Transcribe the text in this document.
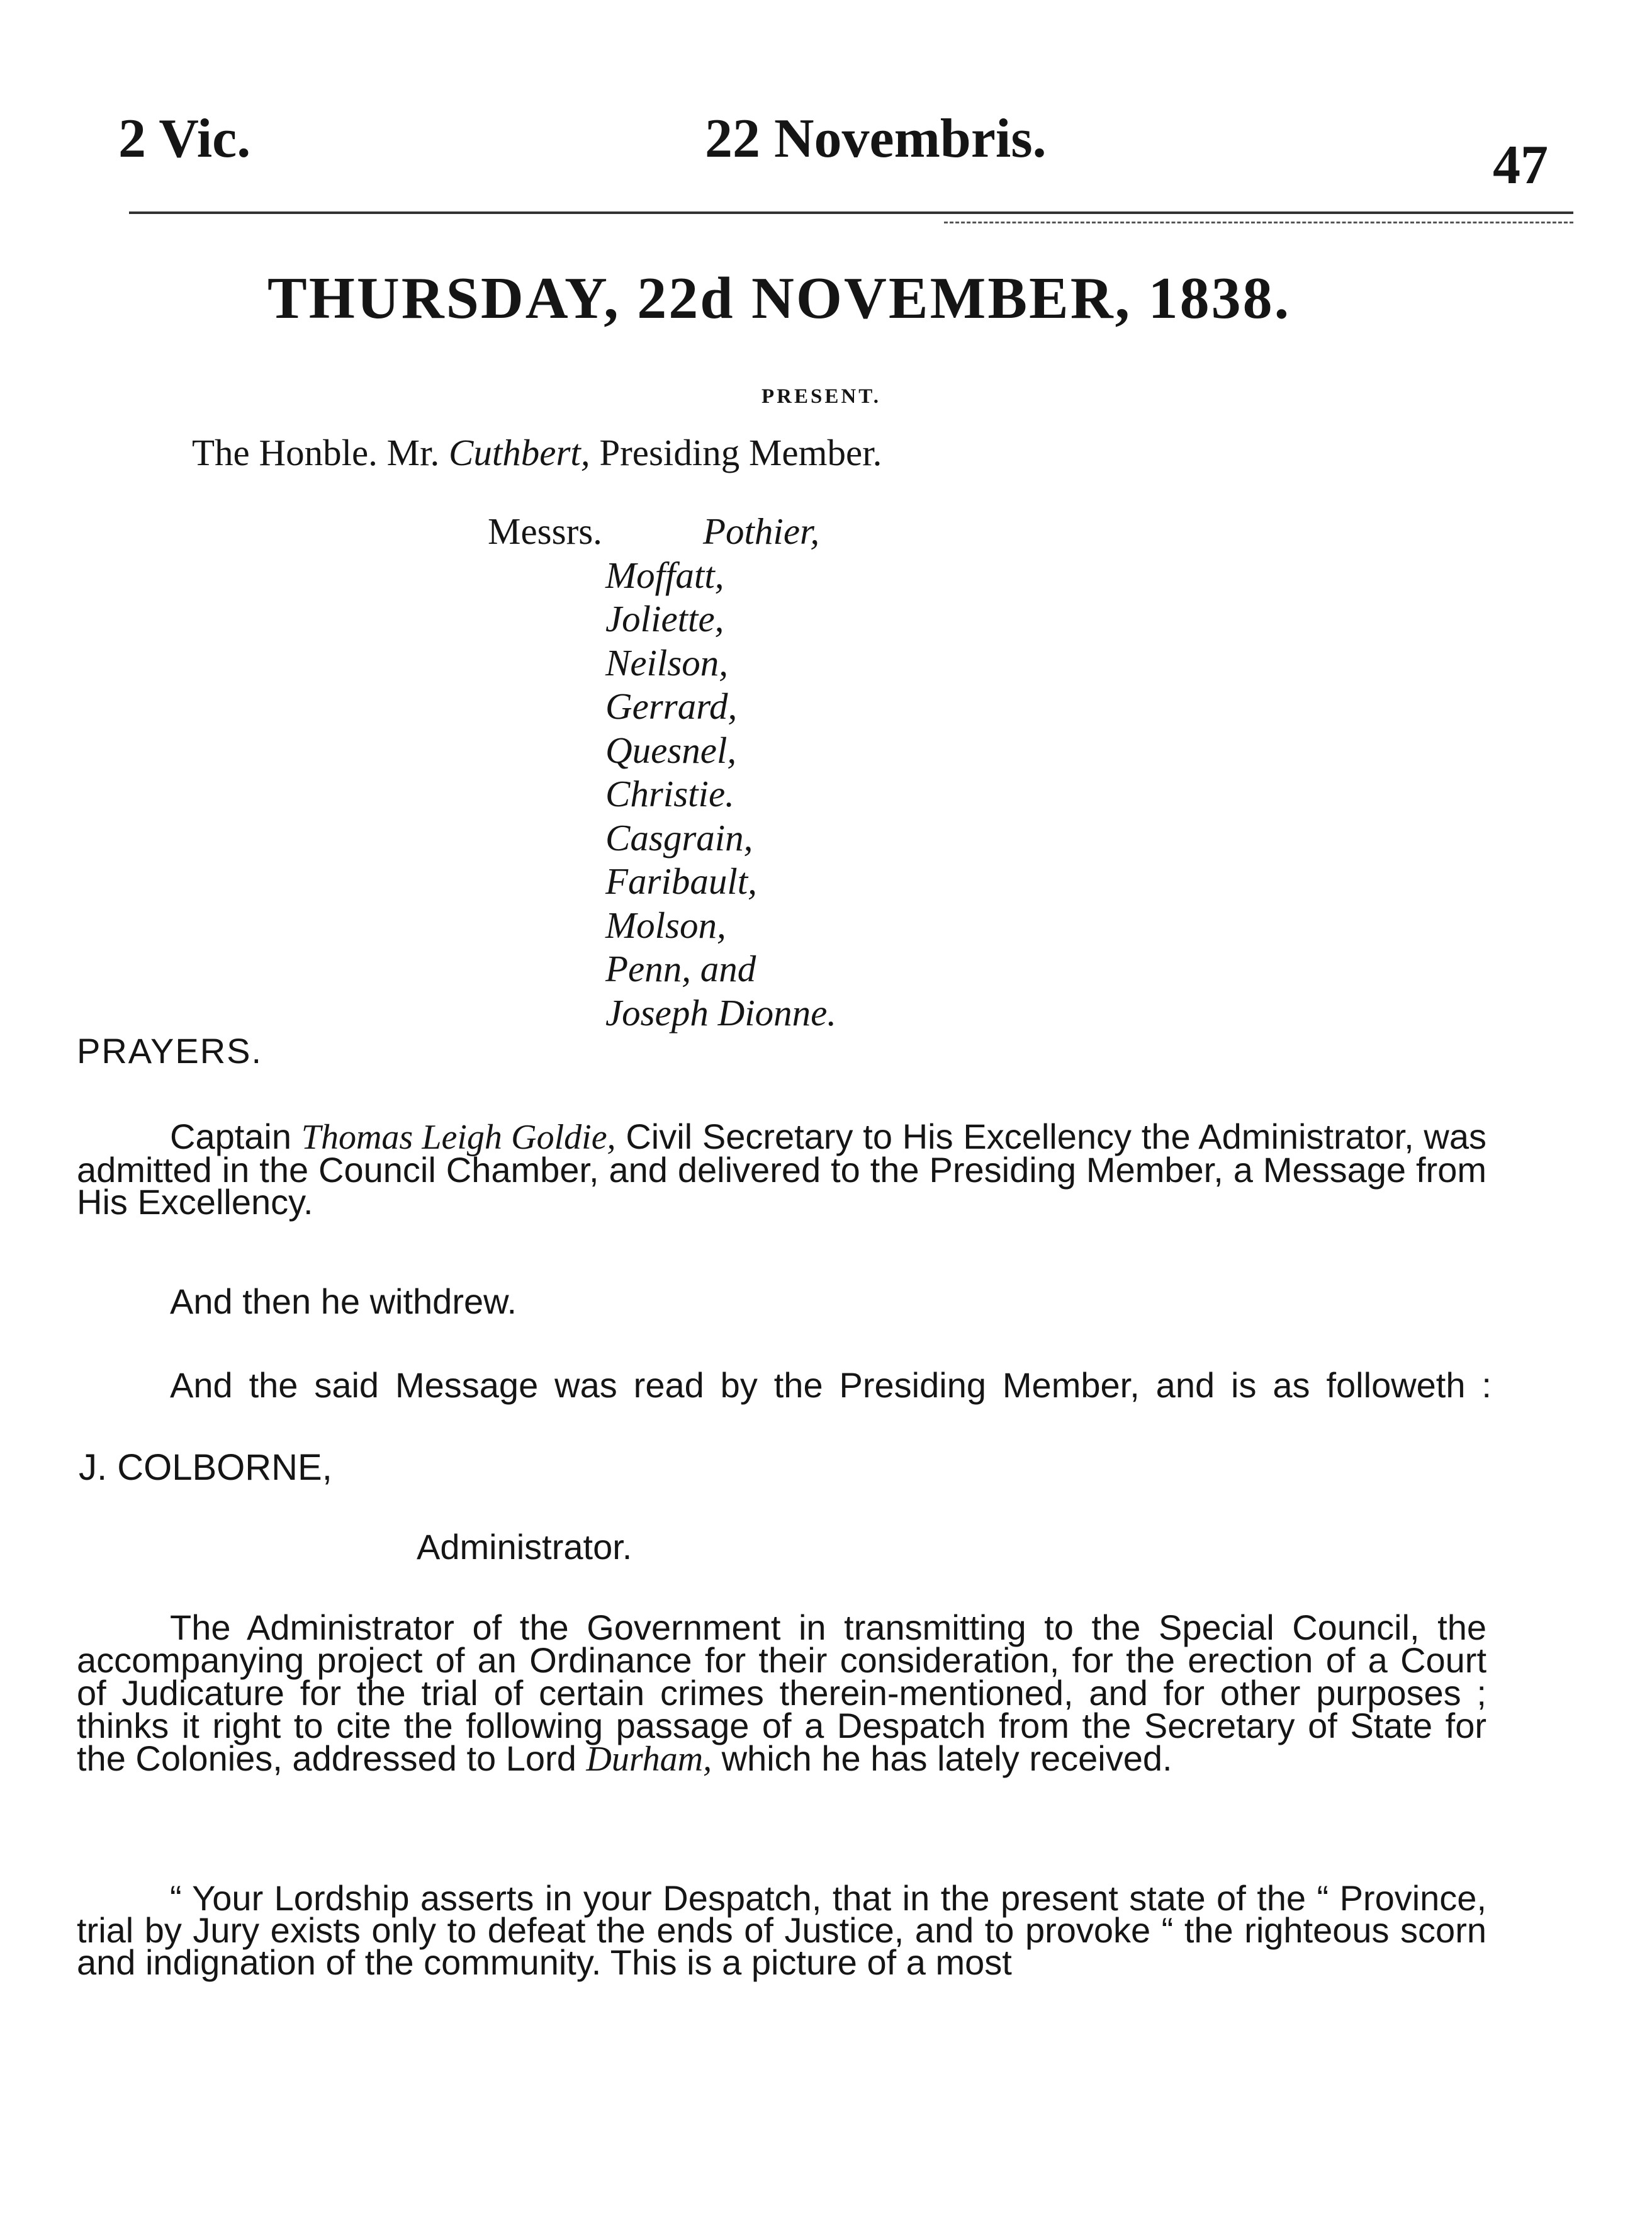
2 Vic.	22 Novembris.	47
THURSDAY, 22d NOVEMBER, 1838.
PRESENT.
The Honble. Mr. Cuthbert, Presiding Member.
Messrs.	Pothier,
Moffatt,
Joliette,
Neilson,
Gerrard,
Quesnel,
Christie.
Casgrain,
Faribault,
Molson,
Penn, and
Joseph Dionne.
PRAYERS.

Captain Thomas Leigh Goldie, Civil Secretary to His Excellency the Administrator, was admitted in the Council Chamber, and delivered to the Presiding Member, a Message from His Excellency.

And then he withdrew.

And the said Message was read by the Presiding Member, and is as followeth :

J. COLBORNE,
Administrator.

The Administrator of the Government in transmitting to the Special Council, the accompanying project of an Ordinance for their consideration, for the erection of a Court of Judicature for the trial of certain crimes therein-mentioned, and for other purposes ; thinks it right to cite the following passage of a Despatch from the Secretary of State for the Colonies, addressed to Lord Durham, which he has lately received.

“ Your Lordship asserts in your Despatch, that in the present state of the “ Province, trial by Jury exists only to defeat the ends of Justice, and to provoke “ the righteous scorn and indignation of the community. This is a picture of a most
